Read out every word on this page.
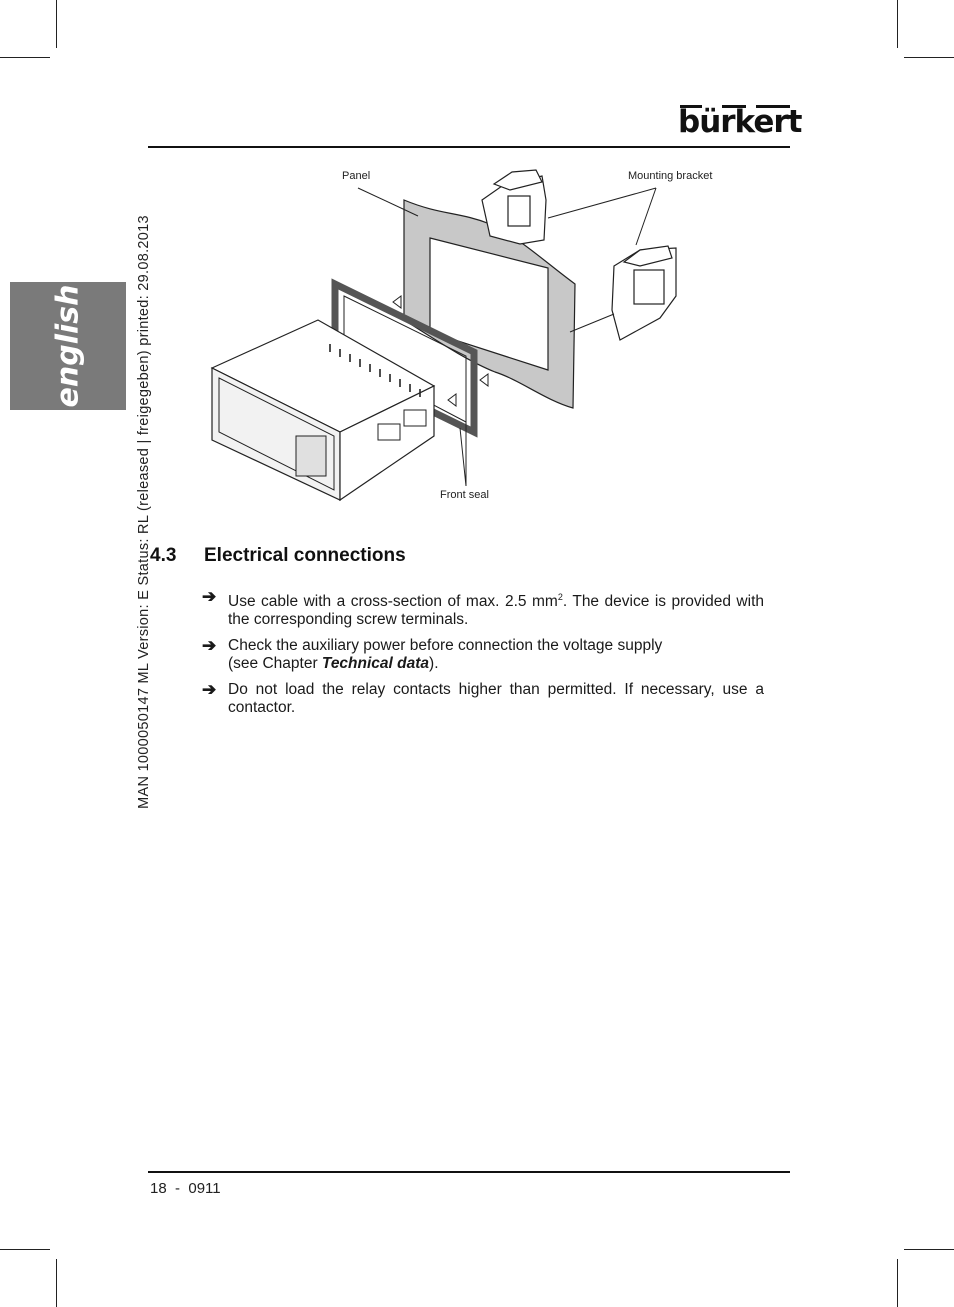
bürkert
english	MAN 1000050147 ML Version: E Status: RL (released | freigegeben) printed: 29.08.2013
Panel	Mounting bracket
Front seal
4.3 Electrical connections
➔ Use cable with a cross-section of max. 2.5 $mm^2$. The device is provided with the corresponding screw terminals.
➔ Check the auxiliary power before connection the voltage supply
(see Chapter Technical data).
➔ Do not load the relay contacts higher than permitted. If necessary, use a contactor.
18 - 0911
